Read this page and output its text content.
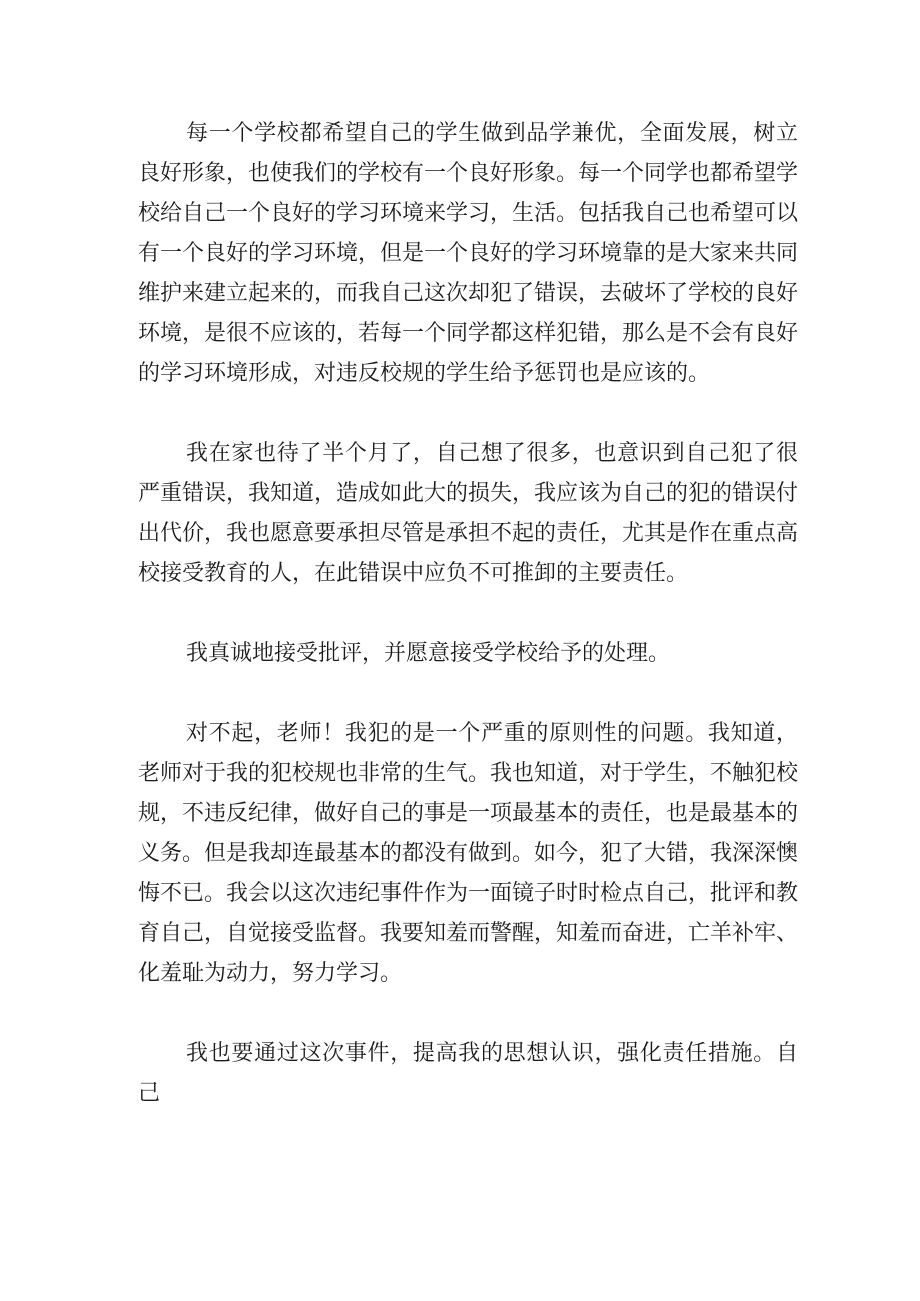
每一个学校都希望自己的学生做到品学兼优，全面发展，树立良好形象，也使我们的学校有一个良好形象。每一个同学也都希望学校给自己一个良好的学习环境来学习，生活。包括我自己也希望可以有一个良好的学习环境，但是一个良好的学习环境靠的是大家来共同维护来建立起来的，而我自己这次却犯了错误，去破坏了学校的良好环境，是很不应该的，若每一个同学都这样犯错，那么是不会有良好的学习环境形成，对违反校规的学生给予惩罚也是应该的。

我在家也待了半个月了，自己想了很多，也意识到自己犯了很严重错误，我知道，造成如此大的损失，我应该为自己的犯的错误付出代价，我也愿意要承担尽管是承担不起的责任，尤其是作在重点高校接受教育的人，在此错误中应负不可推卸的主要责任。

我真诚地接受批评，并愿意接受学校给予的处理。

对不起，老师！我犯的是一个严重的原则性的问题。我知道，老师对于我的犯校规也非常的生气。我也知道，对于学生，不触犯校规，不违反纪律，做好自己的事是一项最基本的责任，也是最基本的义务。但是我却连最基本的都没有做到。如今，犯了大错，我深深懊悔不已。我会以这次违纪事件作为一面镜子时时检点自己，批评和教育自己，自觉接受监督。我要知羞而警醒，知羞而奋进，亡羊补牢、化羞耻为动力，努力学习。

我也要通过这次事件，提高我的思想认识，强化责任措施。自己
